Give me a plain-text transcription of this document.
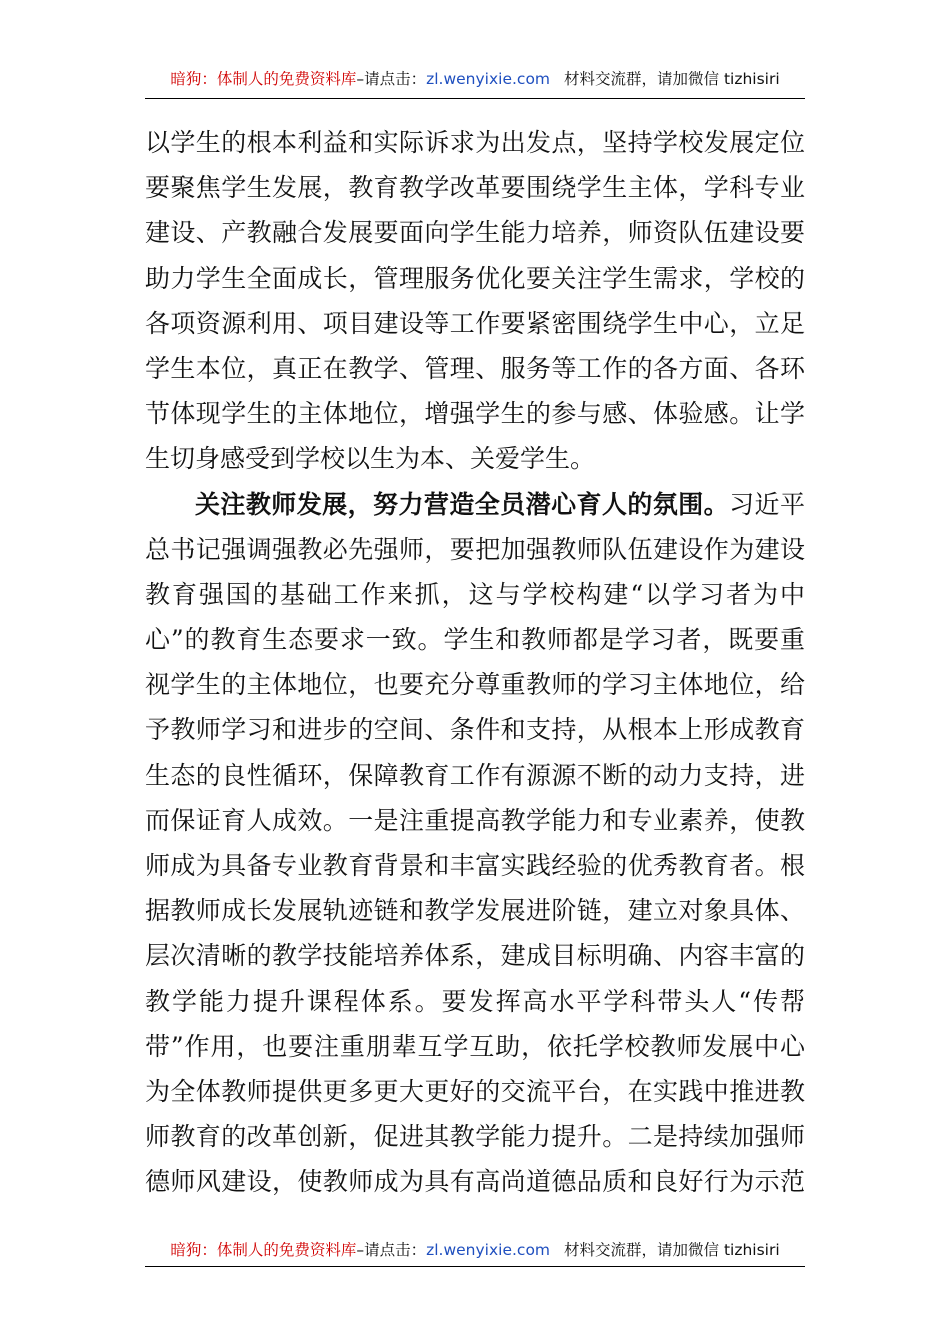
暗狗：体制人的免费资料库 –请点击： zl.wenyixie.com 材料交流群，请加微信 tizhisiri
以学生的根本利益和实际诉求为出发点，坚持学校发展定位
要聚焦学生发展，教育教学改革要围绕学生主体，学科专业
建设、产教融合发展要面向学生能力培养，师资队伍建设要
助力学生全面成长，管理服务优化要关注学生需求，学校的
各项资源利用、项目建设等工作要紧密围绕学生中心，立足
学生本位，真正在教学、管理、服务等工作的各方面、各环
节体现学生的主体地位，增强学生的参与感、体验感。让学
生切身感受到学校以生为本、关爱学生。
关注教师发展，努力营造全员潜心育人的氛围。习近平
总书记强调强教必先强师，要把加强教师队伍建设作为建设
教育强国的基础工作来抓，这与学校构建“以学习者为中
心”的教育生态要求一致。学生和教师都是学习者，既要重
视学生的主体地位，也要充分尊重教师的学习主体地位，给
予教师学习和进步的空间、条件和支持，从根本上形成教育
生态的良性循环，保障教育工作有源源不断的动力支持，进
而保证育人成效。一是注重提高教学能力和专业素养，使教
师成为具备专业教育背景和丰富实践经验的优秀教育者。根
据教师成长发展轨迹链和教学发展进阶链，建立对象具体、
层次清晰的教学技能培养体系，建成目标明确、内容丰富的
教学能力提升课程体系。要发挥高水平学科带头人“传帮
带”作用，也要注重朋辈互学互助，依托学校教师发展中心
为全体教师提供更多更大更好的交流平台，在实践中推进教
师教育的改革创新，促进其教学能力提升。二是持续加强师
德师风建设，使教师成为具有高尚道德品质和良好行为示范
暗狗：体制人的免费资料库 –请点击： zl.wenyixie.com 材料交流群，请加微信 tizhisiri
